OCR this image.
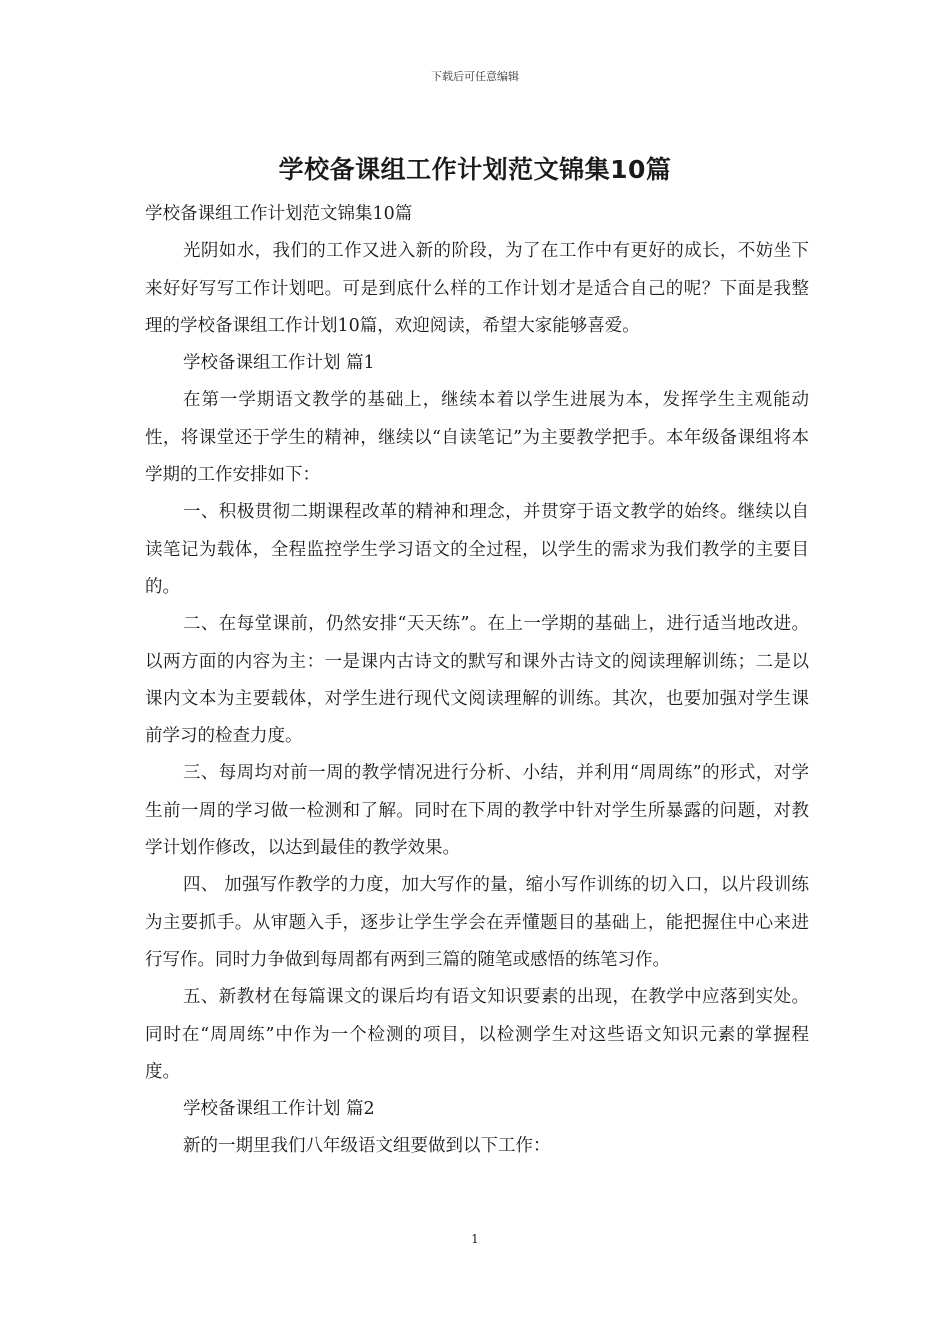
下载后可任意编辑
学校备课组工作计划范文锦集10篇

学校备课组工作计划范文锦集10篇

光阴如水，我们的工作又进入新的阶段，为了在工作中有更好的成长，不妨坐下来好好写写工作计划吧。可是到底什么样的工作计划才是适合自己的呢？下面是我整理的学校备课组工作计划10篇，欢迎阅读，希望大家能够喜爱。

学校备课组工作计划 篇1

在第一学期语文教学的基础上，继续本着以学生进展为本，发挥学生主观能动性，将课堂还于学生的精神，继续以“自读笔记”为主要教学把手。本年级备课组将本学期的工作安排如下：

一、积极贯彻二期课程改革的精神和理念，并贯穿于语文教学的始终。继续以自读笔记为载体，全程监控学生学习语文的全过程，以学生的需求为我们教学的主要目的。

二、在每堂课前，仍然安排“天天练”。在上一学期的基础上，进行适当地改进。以两方面的内容为主：一是课内古诗文的默写和课外古诗文的阅读理解训练；二是以课内文本为主要载体，对学生进行现代文阅读理解的训练。其次，也要加强对学生课前学习的检查力度。

三、每周均对前一周的教学情况进行分析、小结，并利用“周周练”的形式，对学生前一周的学习做一检测和了解。同时在下周的教学中针对学生所暴露的问题，对教学计划作修改，以达到最佳的教学效果。

四、 加强写作教学的力度，加大写作的量，缩小写作训练的切入口，以片段训练为主要抓手。从审题入手，逐步让学生学会在弄懂题目的基础上，能把握住中心来进行写作。同时力争做到每周都有两到三篇的随笔或感悟的练笔习作。

五、新教材在每篇课文的课后均有语文知识要素的出现，在教学中应落到实处。同时在“周周练”中作为一个检测的项目，以检测学生对这些语文知识元素的掌握程度。

学校备课组工作计划 篇2

新的一期里我们八年级语文组要做到以下工作：

1
